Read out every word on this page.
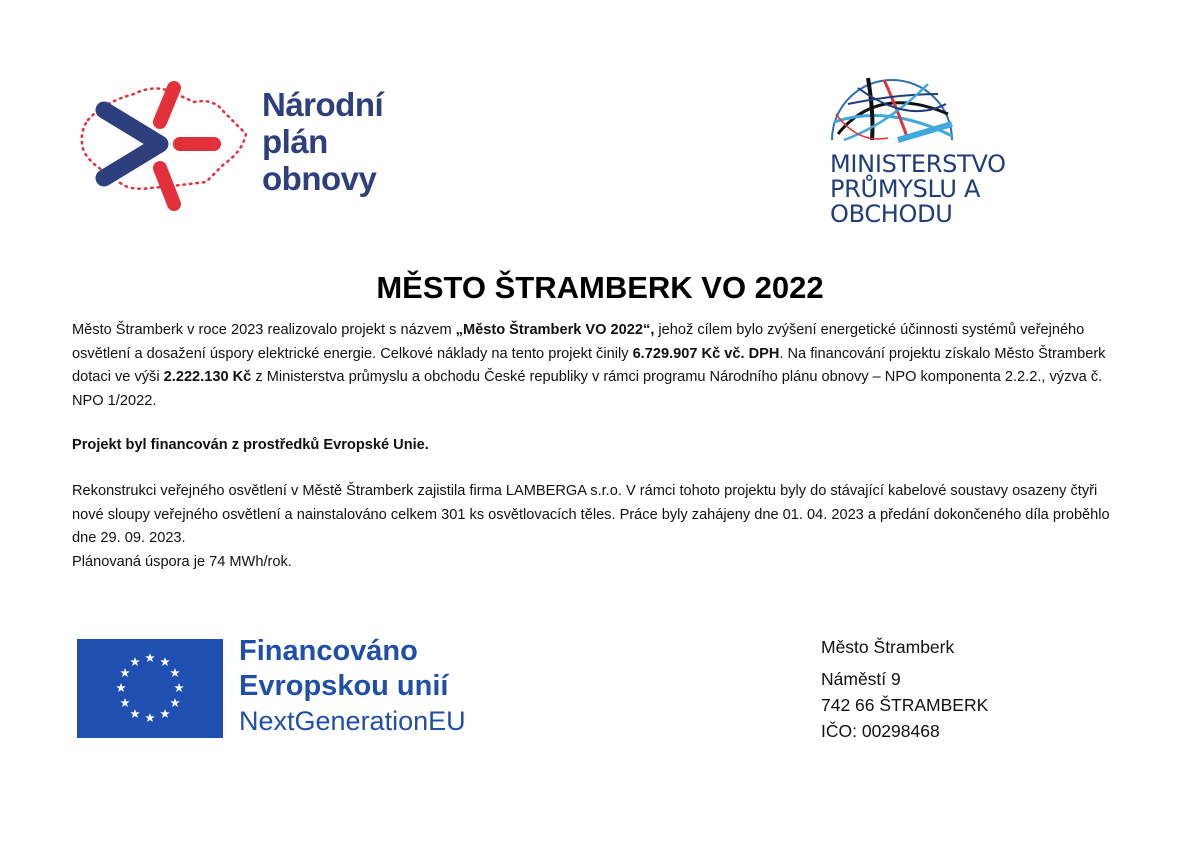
Národní
plán
obnovy	MINISTERSTVO
PRŮMYSLU A OBCHODU
MĚSTO ŠTRAMBERK VO 2022
Město Štramberk v roce 2023 realizovalo projekt s názvem „Město Štramberk VO 2022“, jehož cílem bylo zvýšení energetické účinnosti systémů veřejného osvětlení a dosažení úspory elektrické energie. Celkové náklady na tento projekt činily 6.729.907 Kč vč. DPH. Na financování projektu získalo Město Štramberk dotaci ve výši 2.222.130 Kč z Ministerstva průmyslu a obchodu České republiky v rámci programu Národního plánu obnovy – NPO komponenta 2.2.2., výzva č. NPO 1/2022.
Projekt byl financován z prostředků Evropské Unie.
Rekonstrukci veřejného osvětlení v Městě Štramberk zajistila firma LAMBERGA s.r.o. V rámci tohoto projektu byly do stávající kabelové soustavy osazeny čtyři nové sloupy veřejného osvětlení a nainstalováno celkem 301 ks osvětlovacích těles. Práce byly zahájeny dne 01. 04. 2023 a předání dokončeného díla proběhlo dne 29. 09. 2023.
Plánovaná úspora je 74 MWh/rok.
Financováno
Evropskou unií
NextGenerationEU
Město Štramberk
Náměstí 9
742 66 ŠTRAMBERK
IČO: 00298468
